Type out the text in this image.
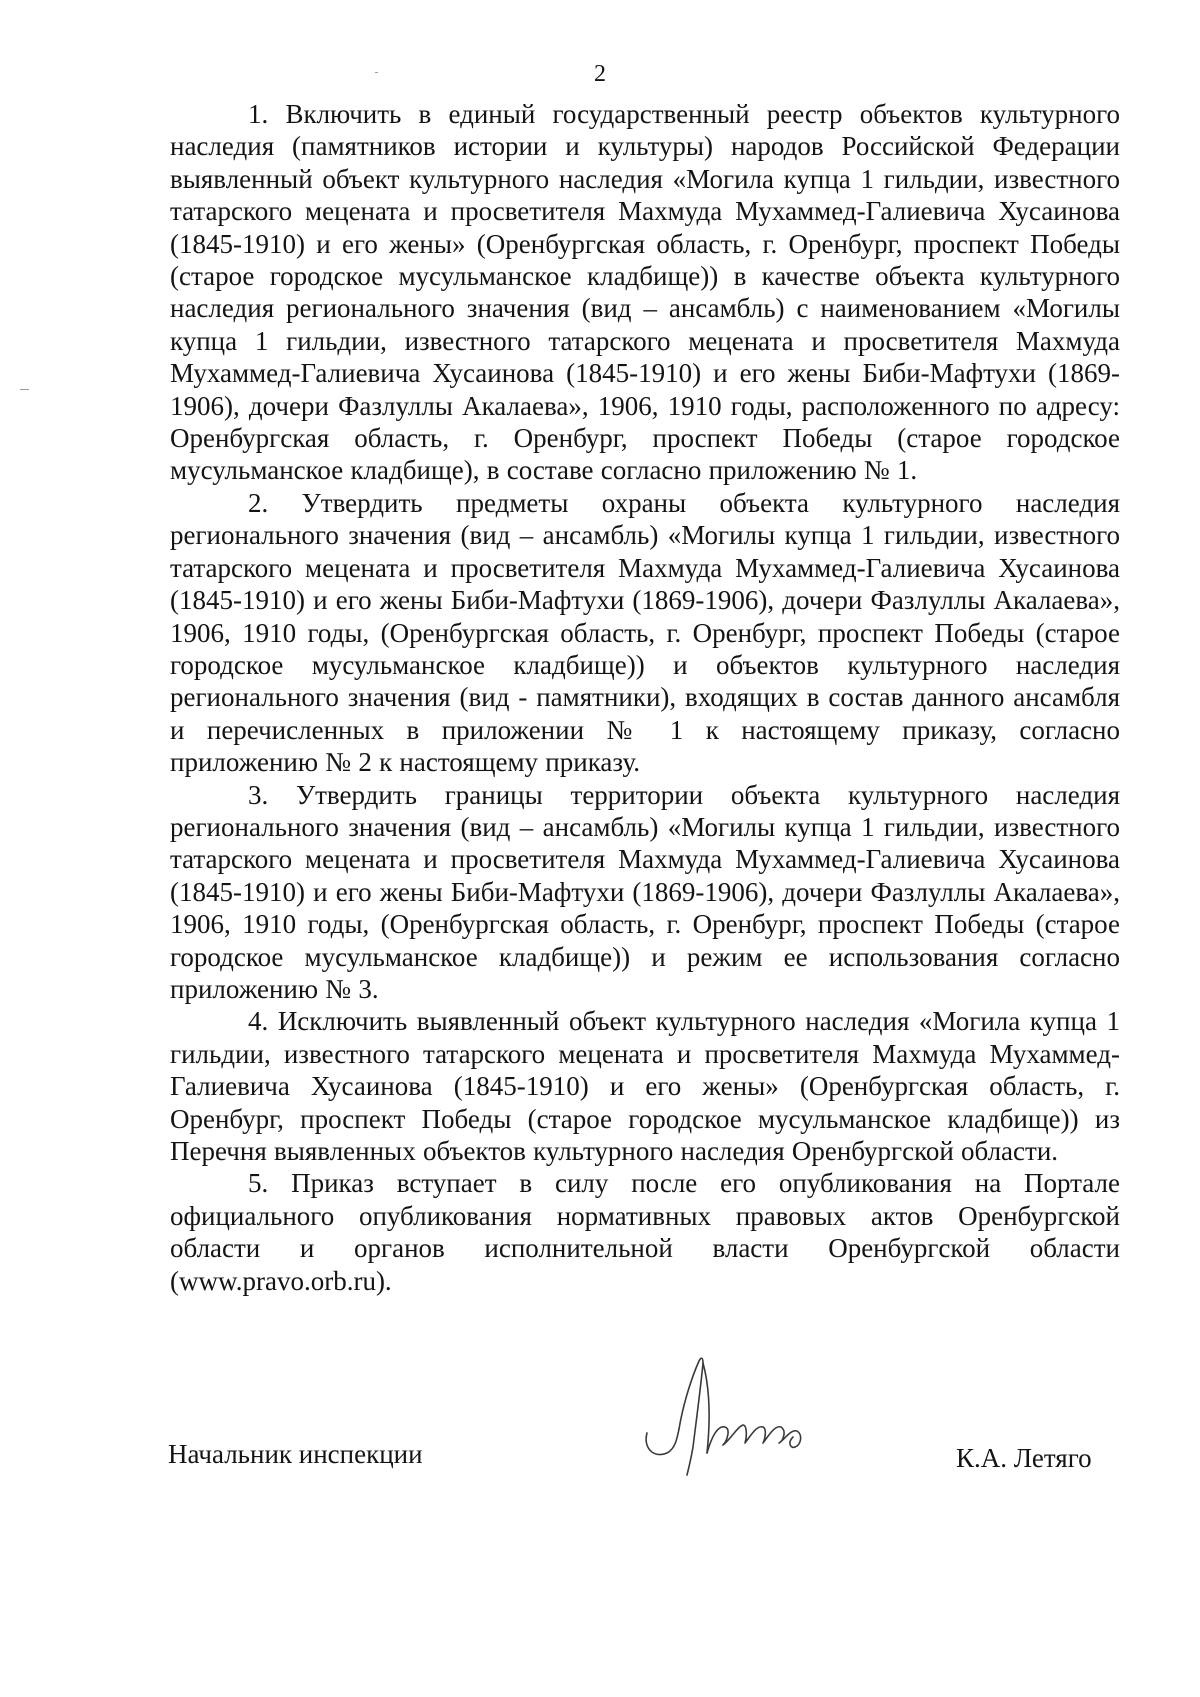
2

1. Включить в единый государственный реестр объектов культурного наследия (памятников истории и культуры) народов Российской Федерации выявленный объект культурного наследия «Могила купца 1 гильдии, известного татарского мецената и просветителя Махмуда Мухаммед-Галиевича Хусаинова (1845-1910) и его жены» (Оренбургская область, г. Оренбург, проспект Победы (старое городское мусульманское кладбище)) в качестве объекта культурного наследия регионального значения (вид – ансамбль) с наименованием «Могилы купца 1 гильдии, известного татарского мецената и просветителя Махмуда Мухаммед-Галиевича Хусаинова (1845-1910) и его жены Биби-Мафтухи (1869-1906), дочери Фазлуллы Акалаева», 1906, 1910 годы, расположенного по адресу: Оренбургская область, г. Оренбург, проспект Победы (старое городское мусульманское кладбище), в составе согласно приложению № 1.

2. Утвердить предметы охраны объекта культурного наследия регионального значения (вид – ансамбль) «Могилы купца 1 гильдии, известного татарского мецената и просветителя Махмуда Мухаммед-Галиевича Хусаинова (1845-1910) и его жены Биби-Мафтухи (1869-1906), дочери Фазлуллы Акалаева», 1906, 1910 годы, (Оренбургская область, г. Оренбург, проспект Победы (старое городское мусульманское кладбище)) и объектов культурного наследия регионального значения (вид - памятники), входящих в состав данного ансамбля и перечисленных в приложении № 1 к настоящему приказу, согласно приложению № 2 к настоящему приказу.

3. Утвердить границы территории объекта культурного наследия регионального значения (вид – ансамбль) «Могилы купца 1 гильдии, известного татарского мецената и просветителя Махмуда Мухаммед-Галиевича Хусаинова (1845-1910) и его жены Биби-Мафтухи (1869-1906), дочери Фазлуллы Акалаева», 1906, 1910 годы, (Оренбургская область, г. Оренбург, проспект Победы (старое городское мусульманское кладбище)) и режим ее использования согласно приложению № 3.

4. Исключить выявленный объект культурного наследия «Могила купца 1 гильдии, известного татарского мецената и просветителя Махмуда Мухаммед-Галиевича Хусаинова (1845-1910) и его жены» (Оренбургская область, г. Оренбург, проспект Победы (старое городское мусульманское кладбище)) из Перечня выявленных объектов культурного наследия Оренбургской области.

5. Приказ вступает в силу после его опубликования на Портале официального опубликования нормативных правовых актов Оренбургской области и органов исполнительной власти Оренбургской области (www.pravo.orb.ru).

Начальник инспекции	К.А. Летяго
